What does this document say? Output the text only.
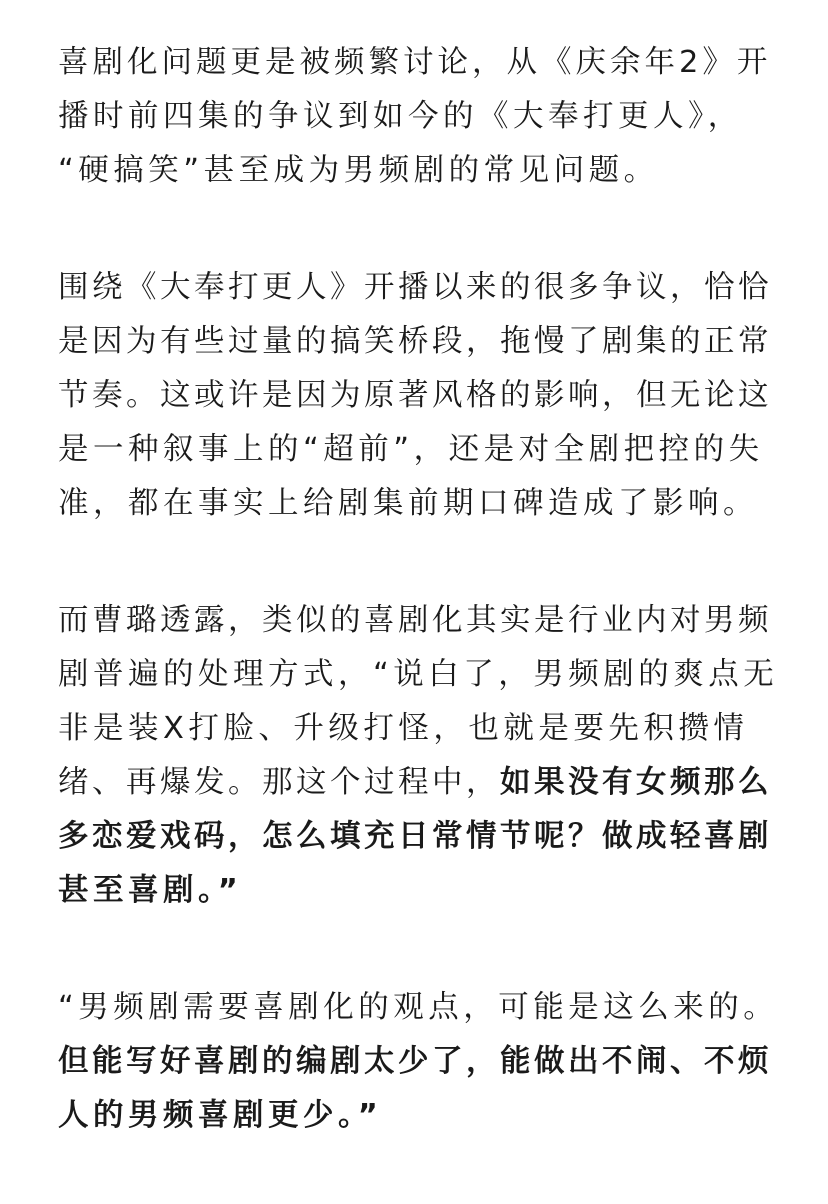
喜剧化问题更是被频繁讨论，从《庆余年2》开
播时前四集的争议到如今的《大奉打更人》，
“硬搞笑”甚至成为男频剧的常见问题。

围绕《大奉打更人》开播以来的很多争议，恰恰
是因为有些过量的搞笑桥段，拖慢了剧集的正常
节奏。这或许是因为原著风格的影响，但无论这
是一种叙事上的“超前”，还是对全剧把控的失
准，都在事实上给剧集前期口碑造成了影响。

而曹璐透露，类似的喜剧化其实是行业内对男频
剧普遍的处理方式，“说白了，男频剧的爽点无
非是装X打脸、升级打怪，也就是要先积攒情
绪、再爆发。那这个过程中，如果没有女频那么
多恋爱戏码，怎么填充日常情节呢？做成轻喜剧
甚至喜剧。”

“男频剧需要喜剧化的观点，可能是这么来的。
但能写好喜剧的编剧太少了，能做出不闹、不烦
人的男频喜剧更少。”
